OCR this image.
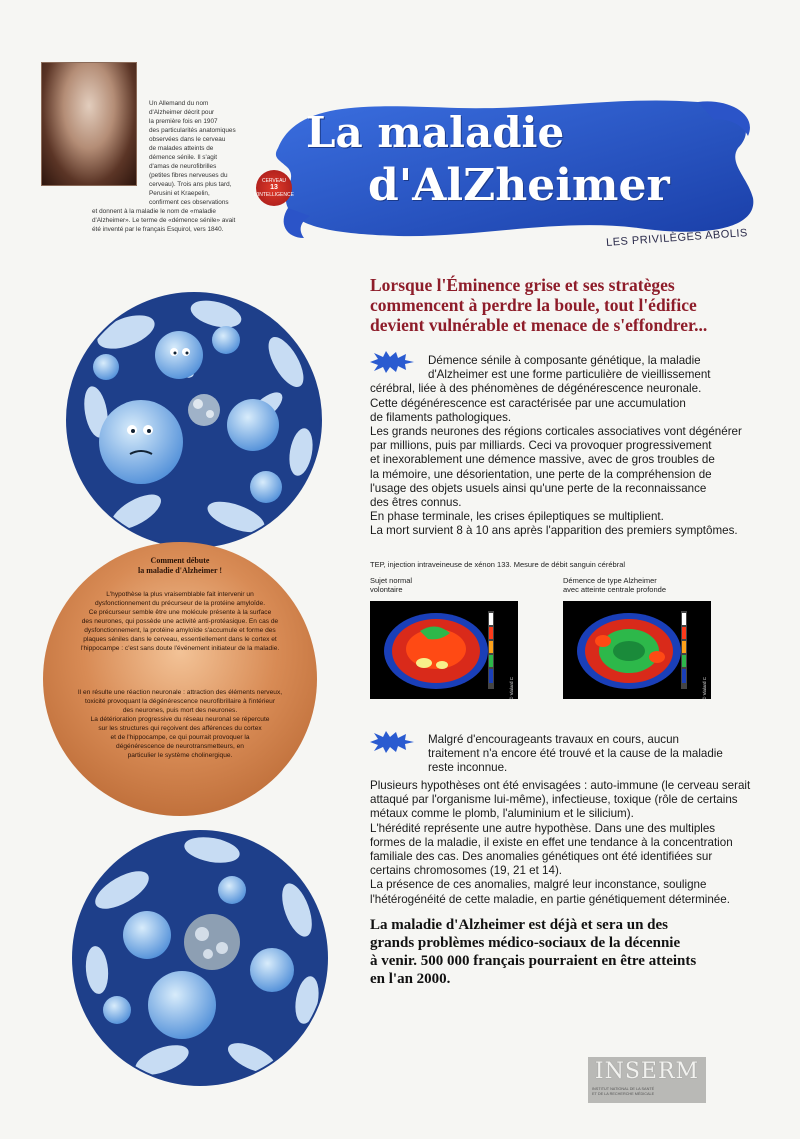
Un Allemand du nom
d'Alzheimer décrit pour
la première fois en 1907
des particularités anatomiques
observées dans le cerveau
de malades atteints de
démence sénile. Il s'agit
d'amas de neurofibrilles
(petites fibres nerveuses du
cerveau). Trois ans plus tard,
Perusini et Kraepelin,
confirment ces observations
et donnent à la maladie le nom de «maladie
d'Alzheimer». Le terme de «démence sénile» avait
été inventé par le français Esquirol, vers 1840.
La maladie
d'AlZheimer
CERVEAU
13
L'INTELLIGENCE
LES PRIVILÈGES ABOLIS
Lorsque l'Éminence grise et ses stratèges
commencent à perdre la boule, tout l'édifice
devient vulnérable et menace de s'effondrer...
Démence sénile à composante génétique, la maladie
d'Alzheimer est une forme particulière de vieillissement
cérébral, liée à des phénomènes de dégénérescence neuronale.
Cette dégénérescence est caractérisée par une accumulation
de filaments pathologiques.
Les grands neurones des régions corticales associatives vont dégénérer
par millions, puis par milliards. Ceci va provoquer progressivement
et inexorablement une démence massive, avec de gros troubles de
la mémoire, une désorientation, une perte de la compréhension de
l'usage des objets usuels ainsi qu'une perte de la reconnaissance
des êtres connus.
En phase terminale, les crises épileptiques se multiplient.
La mort survient 8 à 10 ans après l'apparition des premiers symptômes.
TEP, injection intraveineuse de xénon 133. Mesure de débit sanguin cérébral
Sujet normal
volontaire
Démence de type Alzheimer
avec atteinte centrale profonde
© Vialard C	© Vialard C
Malgré d'encourageants travaux en cours, aucun
traitement n'a encore été trouvé et la cause de la maladie
reste inconnue.
Plusieurs hypothèses ont été envisagées : auto-immune (le cerveau serait
attaqué par l'organisme lui-même), infectieuse, toxique (rôle de certains
métaux comme le plomb, l'aluminium et le silicium).
L'hérédité représente une autre hypothèse. Dans une des multiples
formes de la maladie, il existe en effet une tendance à la concentration
familiale des cas. Des anomalies génétiques ont été identifiées sur
certains chromosomes (19, 21 et 14).
La présence de ces anomalies, malgré leur inconstance, souligne
l'hétérogénéité de cette maladie, en partie génétiquement déterminée.
La maladie d'Alzheimer est déjà et sera un des
grands problèmes médico-sociaux de la décennie
à venir. 500 000 français pourraient en être atteints
en l'an 2000.
Comment débute
la maladie d'Alzheimer !
L'hypothèse la plus vraisemblable fait intervenir un
dysfonctionnement du précurseur de la protéine amyloïde.
Ce précurseur semble être une molécule présente à la surface
des neurones, qui possède une activité anti-protéasique. En cas de
dysfonctionnement, la protéine amyloïde s'accumule et forme des
plaques séniles dans le cerveau, essentiellement dans le cortex et
l'hippocampe : c'est sans doute l'événement initiateur de la maladie.
Il en résulte une réaction neuronale : attraction des éléments nerveux,
toxicité provoquant la dégénérescence neurofibrillaire à l'intérieur
des neurones, puis mort des neurones.
La détérioration progressive du réseau neuronal se répercute
sur les structures qui reçoivent des afférences du cortex
et de l'hippocampe, ce qui pourrait provoquer la
dégénérescence de neurotransmetteurs, en
particulier le système cholinergique.
INSERM
INSTITUT NATIONAL DE LA SANTÉ
ET DE LA RECHERCHE MÉDICALE
